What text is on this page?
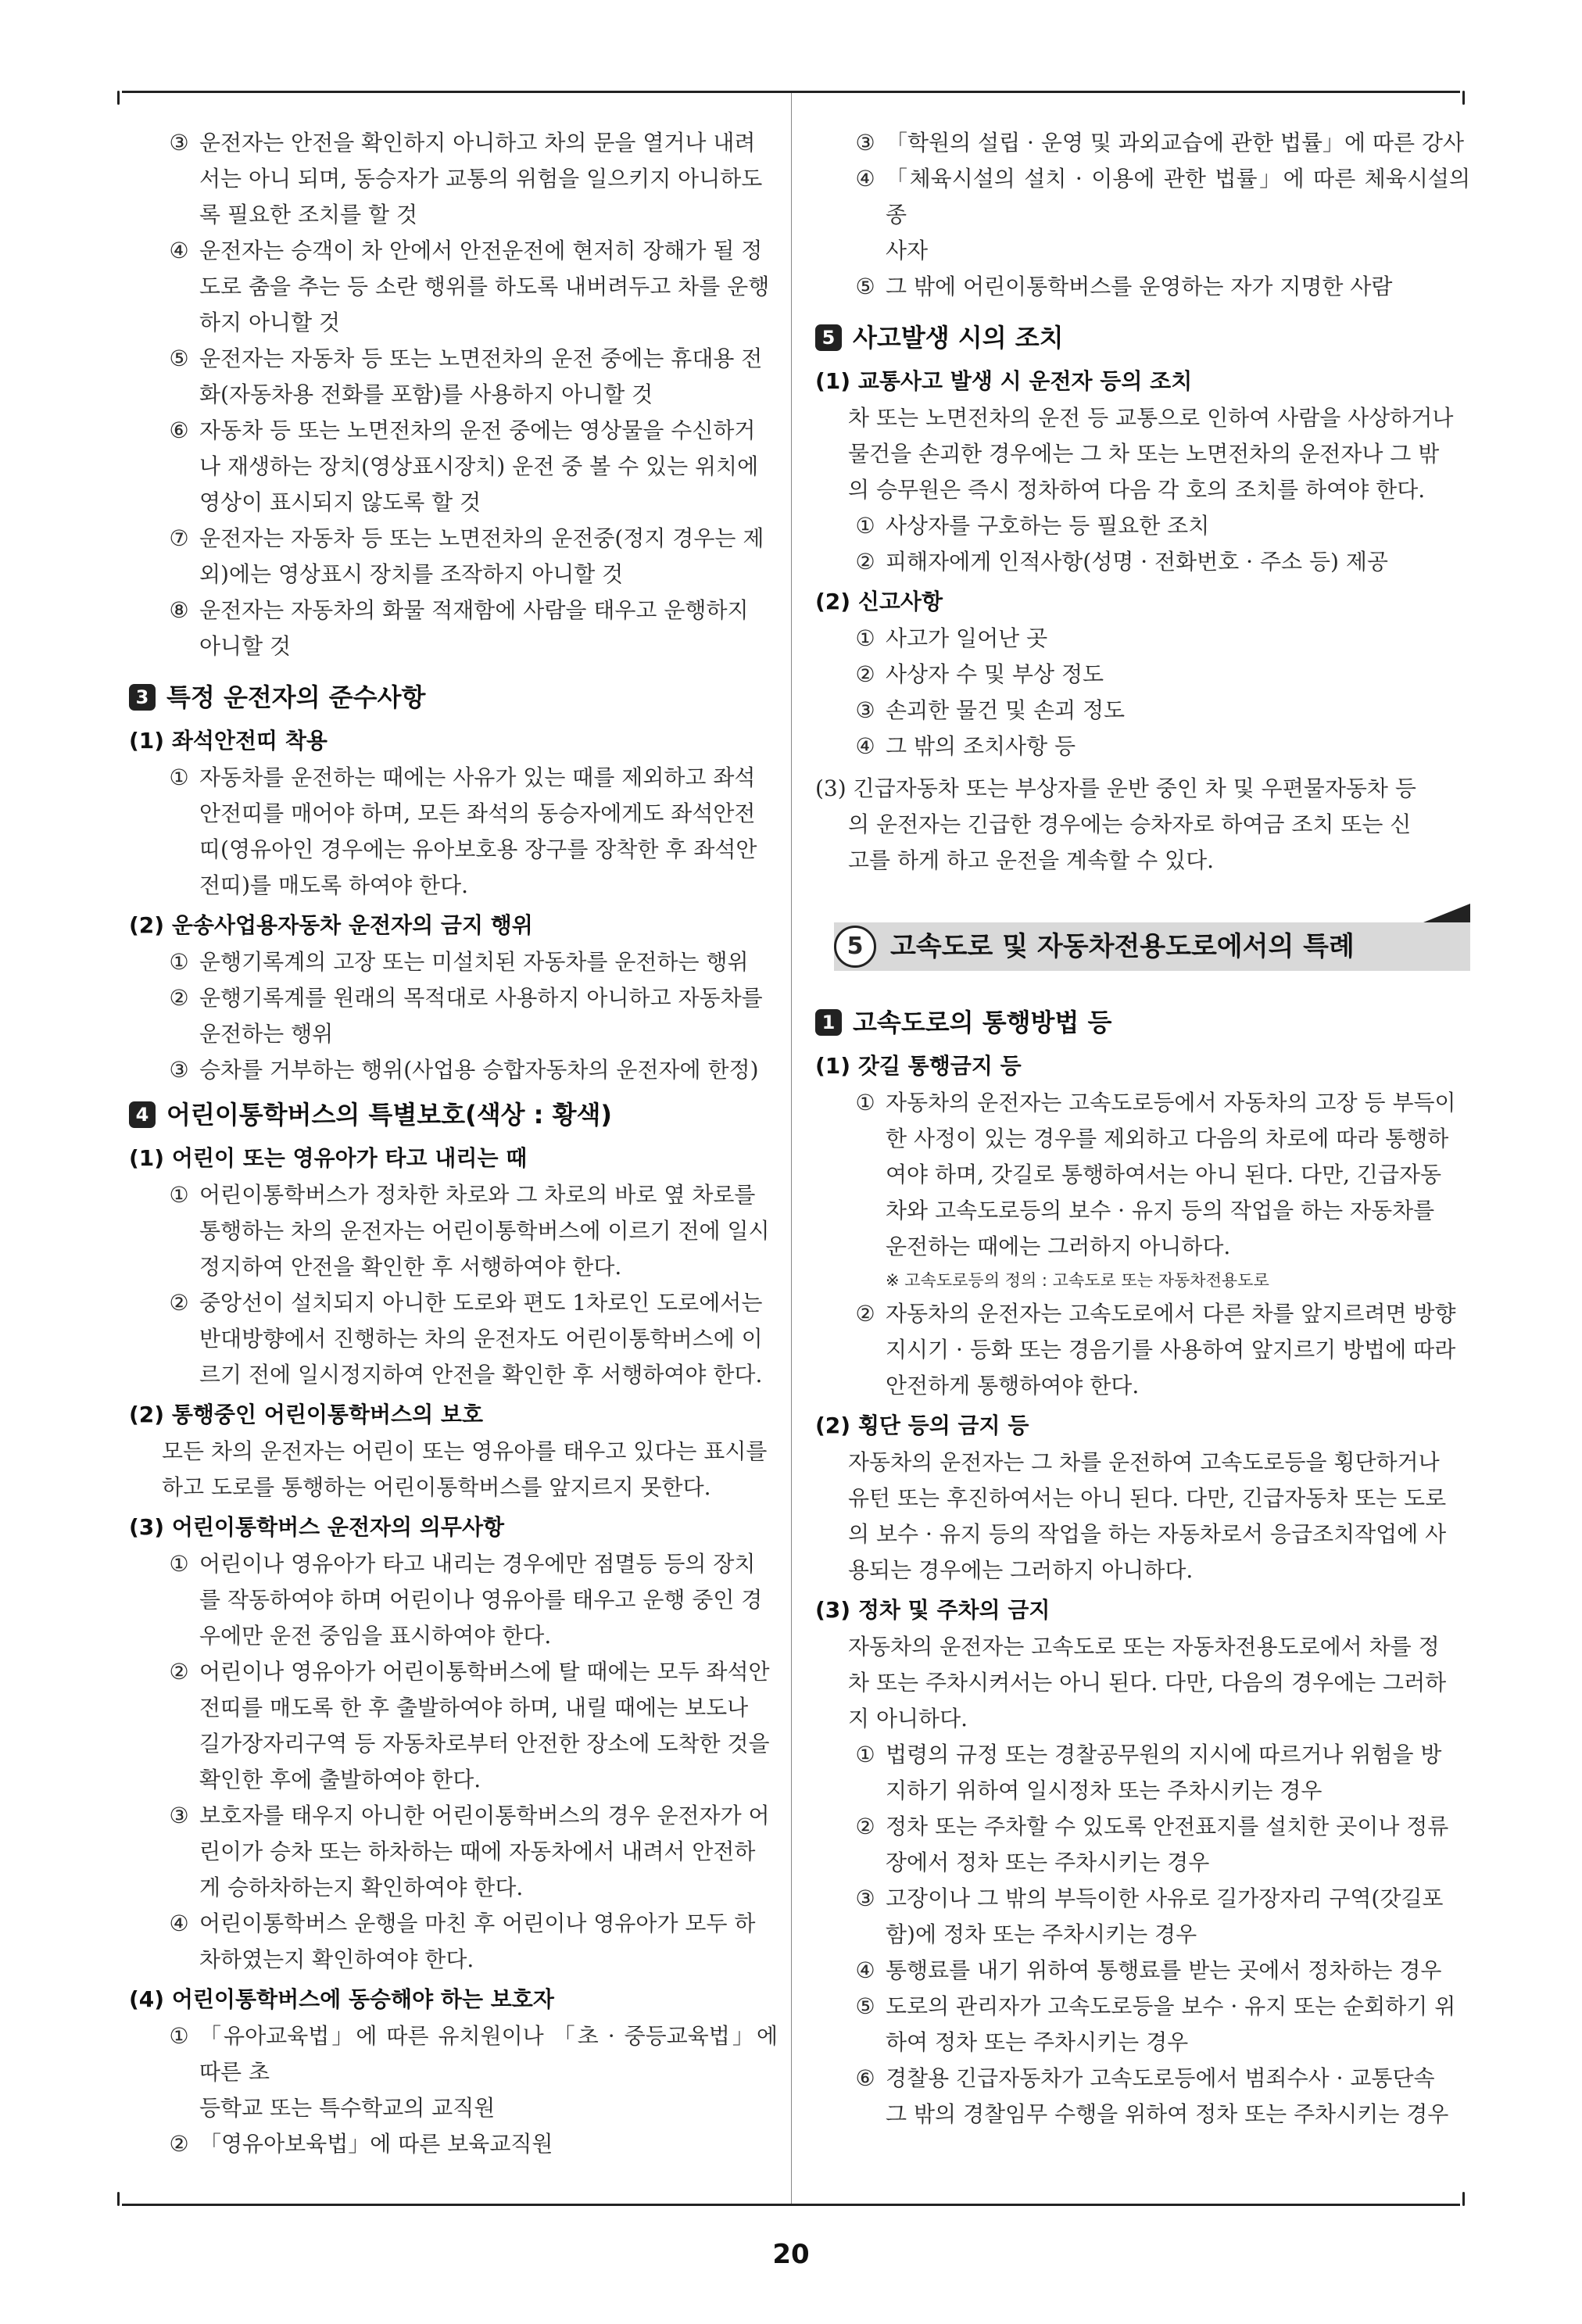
③ 운전자는 안전을 확인하지 아니하고 차의 문을 열거나 내려
서는 아니 되며, 동승자가 교통의 위험을 일으키지 아니하도
록 필요한 조치를 할 것

④ 운전자는 승객이 차 안에서 안전운전에 현저히 장해가 될 정
도로 춤을 추는 등 소란 행위를 하도록 내버려두고 차를 운행
하지 아니할 것

⑤ 운전자는 자동차 등 또는 노면전차의 운전 중에는 휴대용 전
화(자동차용 전화를 포함)를 사용하지 아니할 것

⑥ 자동차 등 또는 노면전차의 운전 중에는 영상물을 수신하거
나 재생하는 장치(영상표시장치) 운전 중 볼 수 있는 위치에
영상이 표시되지 않도록 할 것

⑦ 운전자는 자동차 등 또는 노면전차의 운전중(정지 경우는 제
외)에는 영상표시 장치를 조작하지 아니할 것

⑧ 운전자는 자동차의 화물 적재함에 사람을 태우고 운행하지
아니할 것

3 특정 운전자의 준수사항
(1) 좌석안전띠 착용

① 자동차를 운전하는 때에는 사유가 있는 때를 제외하고 좌석
안전띠를 매어야 하며, 모든 좌석의 동승자에게도 좌석안전
띠(영유아인 경우에는 유아보호용 장구를 장착한 후 좌석안
전띠)를 매도록 하여야 한다.

(2) 운송사업용자동차 운전자의 금지 행위

① 운행기록계의 고장 또는 미설치된 자동차를 운전하는 행위

② 운행기록계를 원래의 목적대로 사용하지 아니하고 자동차를
운전하는 행위

③ 승차를 거부하는 행위(사업용 승합자동차의 운전자에 한정)

4 어린이통학버스의 특별보호(색상 : 황색)
(1) 어린이 또는 영유아가 타고 내리는 때

① 어린이통학버스가 정차한 차로와 그 차로의 바로 옆 차로를
통행하는 차의 운전자는 어린이통학버스에 이르기 전에 일시
정지하여 안전을 확인한 후 서행하여야 한다.

② 중앙선이 설치되지 아니한 도로와 편도 1차로인 도로에서는
반대방향에서 진행하는 차의 운전자도 어린이통학버스에 이
르기 전에 일시정지하여 안전을 확인한 후 서행하여야 한다.

(2) 통행중인 어린이통학버스의 보호

모든 차의 운전자는 어린이 또는 영유아를 태우고 있다는 표시를
하고 도로를 통행하는 어린이통학버스를 앞지르지 못한다.

(3) 어린이통학버스 운전자의 의무사항

① 어린이나 영유아가 타고 내리는 경우에만 점멸등 등의 장치
를 작동하여야 하며 어린이나 영유아를 태우고 운행 중인 경
우에만 운전 중임을 표시하여야 한다.

② 어린이나 영유아가 어린이통학버스에 탈 때에는 모두 좌석안
전띠를 매도록 한 후 출발하여야 하며, 내릴 때에는 보도나
길가장자리구역 등 자동차로부터 안전한 장소에 도착한 것을
확인한 후에 출발하여야 한다.

③ 보호자를 태우지 아니한 어린이통학버스의 경우 운전자가 어
린이가 승차 또는 하차하는 때에 자동차에서 내려서 안전하
게 승하차하는지 확인하여야 한다.

④ 어린이통학버스 운행을 마친 후 어린이나 영유아가 모두 하
차하였는지 확인하여야 한다.

(4) 어린이통학버스에 동승해야 하는 보호자

① 「유아교육법」에 따른 유치원이나 「초 · 중등교육법」에 따른 초
등학교 또는 특수학교의 교직원

② 「영유아보육법」에 따른 보육교직원

③ 「학원의 설립 · 운영 및 과외교습에 관한 법률」에 따른 강사

④ 「체육시설의 설치 · 이용에 관한 법률」에 따른 체육시설의 종
사자

⑤ 그 밖에 어린이통학버스를 운영하는 자가 지명한 사람

5 사고발생 시의 조치
(1) 교통사고 발생 시 운전자 등의 조치

차 또는 노면전차의 운전 등 교통으로 인하여 사람을 사상하거나
물건을 손괴한 경우에는 그 차 또는 노면전차의 운전자나 그 밖
의 승무원은 즉시 정차하여 다음 각 호의 조치를 하여야 한다.

① 사상자를 구호하는 등 필요한 조치

② 피해자에게 인적사항(성명 · 전화번호 · 주소 등) 제공

(2) 신고사항

① 사고가 일어난 곳

② 사상자 수 및 부상 정도

③ 손괴한 물건 및 손괴 정도

④ 그 밖의 조치사항 등

(3) 긴급자동차 또는 부상자를 운반 중인 차 및 우편물자동차 등

의 운전자는 긴급한 경우에는 승차자로 하여금 조치 또는 신

고를 하게 하고 운전을 계속할 수 있다.

5	고속도로 및 자동차전용도로에서의 특례
1 고속도로의 통행방법 등
(1) 갓길 통행금지 등

① 자동차의 운전자는 고속도로등에서 자동차의 고장 등 부득이
한 사정이 있는 경우를 제외하고 다음의 차로에 따라 통행하
여야 하며, 갓길로 통행하여서는 아니 된다. 다만, 긴급자동
차와 고속도로등의 보수 · 유지 등의 작업을 하는 자동차를
운전하는 때에는 그러하지 아니하다.

※ 고속도로등의 정의 : 고속도로 또는 자동차전용도로

② 자동차의 운전자는 고속도로에서 다른 차를 앞지르려면 방향
지시기 · 등화 또는 경음기를 사용하여 앞지르기 방법에 따라
안전하게 통행하여야 한다.

(2) 횡단 등의 금지 등

자동차의 운전자는 그 차를 운전하여 고속도로등을 횡단하거나
유턴 또는 후진하여서는 아니 된다. 다만, 긴급자동차 또는 도로
의 보수 · 유지 등의 작업을 하는 자동차로서 응급조치작업에 사
용되는 경우에는 그러하지 아니하다.

(3) 정차 및 주차의 금지

자동차의 운전자는 고속도로 또는 자동차전용도로에서 차를 정
차 또는 주차시켜서는 아니 된다. 다만, 다음의 경우에는 그러하
지 아니하다.

① 법령의 규정 또는 경찰공무원의 지시에 따르거나 위험을 방
지하기 위하여 일시정차 또는 주차시키는 경우

② 정차 또는 주차할 수 있도록 안전표지를 설치한 곳이나 정류
장에서 정차 또는 주차시키는 경우

③ 고장이나 그 밖의 부득이한 사유로 길가장자리 구역(갓길포
함)에 정차 또는 주차시키는 경우

④ 통행료를 내기 위하여 통행료를 받는 곳에서 정차하는 경우

⑤ 도로의 관리자가 고속도로등을 보수 · 유지 또는 순회하기 위
하여 정차 또는 주차시키는 경우

⑥ 경찰용 긴급자동차가 고속도로등에서 범죄수사 · 교통단속
그 밖의 경찰임무 수행을 위하여 정차 또는 주차시키는 경우

20
